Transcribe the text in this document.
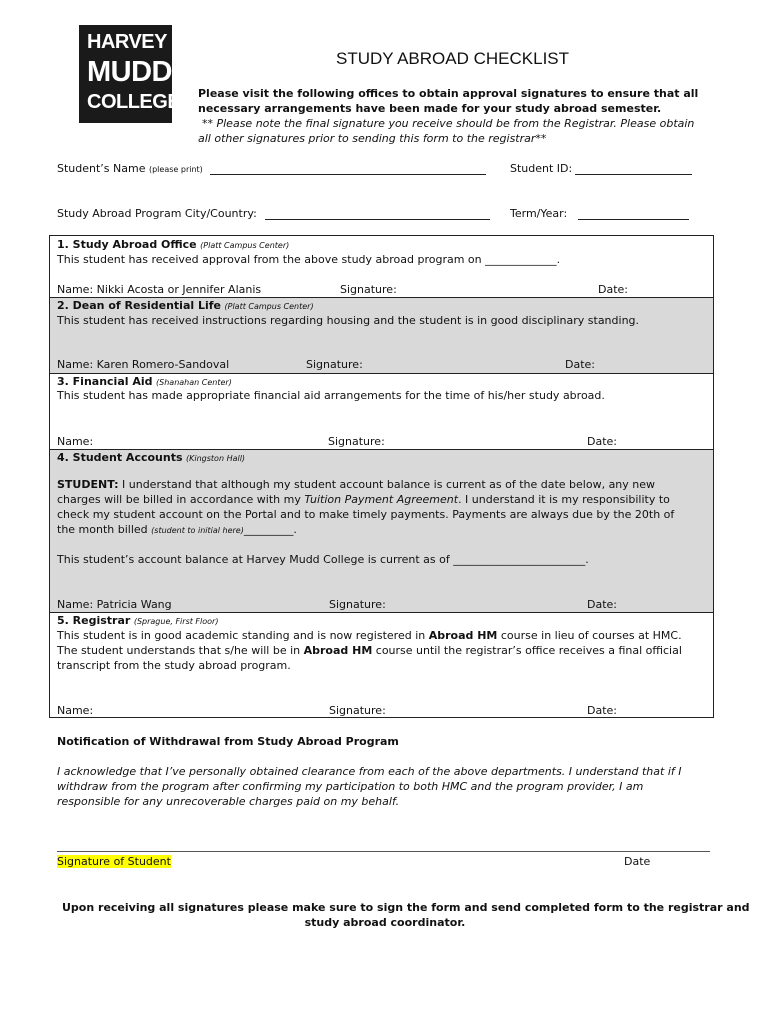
HARVEY
MUDD
COLLEGE
STUDY ABROAD CHECKLIST
Please visit the following offices to obtain approval signatures to ensure that all
necessary arrangements have been made for your study abroad semester.
** Please note the final signature you receive should be from the Registrar. Please obtain
all other signatures prior to sending this form to the registrar**
Student’s Name (please print)	Student ID:
Study Abroad Program City/Country:	Term/Year:
1. Study Abroad Office (Platt Campus Center)
This student has received approval from the above study abroad program on _____________.
Name: Nikki Acosta or Jennifer Alanis	Signature:	Date:
2. Dean of Residential Life (Platt Campus Center)
This student has received instructions regarding housing and the student is in good disciplinary standing.
Name: Karen Romero-Sandoval	Signature:	Date:
3. Financial Aid (Shanahan Center)
This student has made appropriate financial aid arrangements for the time of his/her study abroad.
Name:	Signature:	Date:
4. Student Accounts (Kingston Hall)
STUDENT: I understand that although my student account balance is current as of the date below, any new
charges will be billed in accordance with my Tuition Payment Agreement. I understand it is my responsibility to
check my student account on the Portal and to make timely payments. Payments are always due by the 20th of
the month billed (student to initial here)_________.
This student’s account balance at Harvey Mudd College is current as of ________________________.
Name: Patricia Wang	Signature:	Date:
5. Registrar (Sprague, First Floor)
This student is in good academic standing and is now registered in Abroad HM course in lieu of courses at HMC.
The student understands that s/he will be in Abroad HM course until the registrar’s office receives a final official
transcript from the study abroad program.
Name:	Signature:	Date:
Notification of Withdrawal from Study Abroad Program
I acknowledge that I’ve personally obtained clearance from each of the above departments. I understand that if I
withdraw from the program after confirming my participation to both HMC and the program provider, I am
responsible for any unrecoverable charges paid on my behalf.
Signature of Student	Date
Upon receiving all signatures please make sure to sign the form and send completed form to the registrar and
study abroad coordinator.
